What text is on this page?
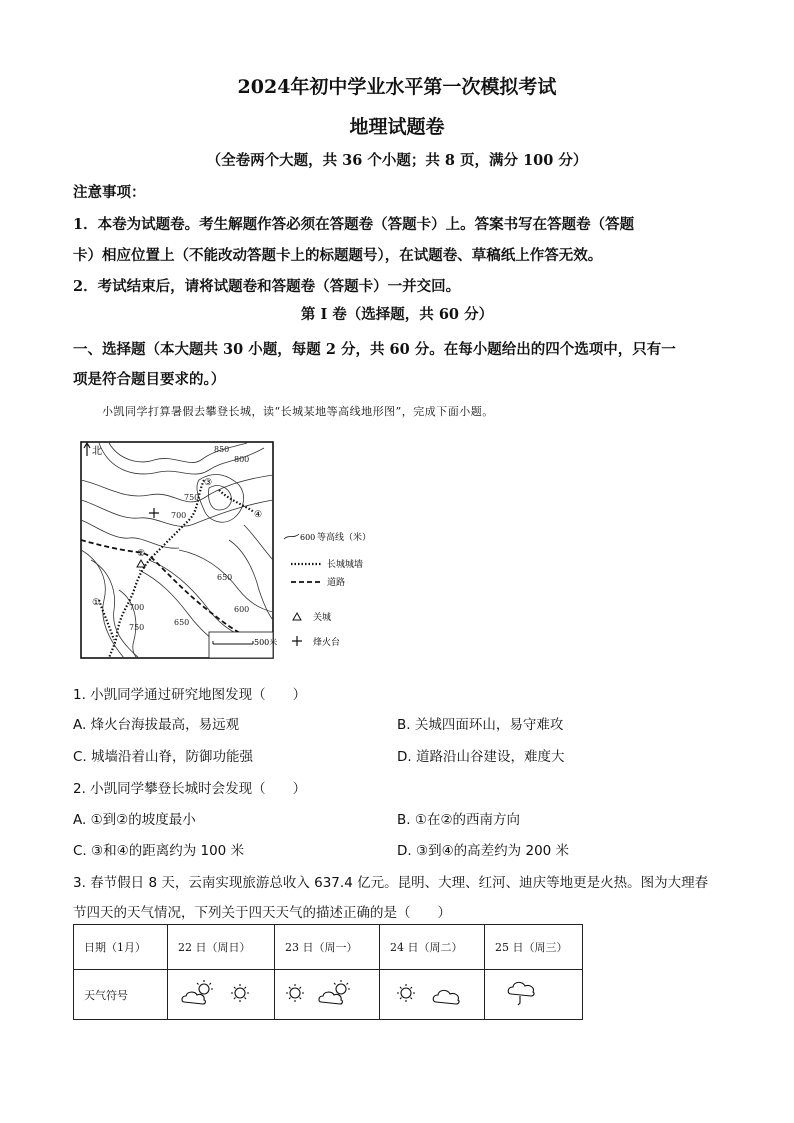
2024年初中学业水平第一次模拟考试
地理试题卷
（全卷两个大题，共 36 个小题；共 8 页，满分 100 分）
注意事项：
1．本卷为试题卷。考生解题作答必须在答题卷（答题卡）上。答案书写在答题卷（答题
卡）相应位置上（不能改动答题卡上的标题题号），在试题卷、草稿纸上作答无效。
2．考试结束后，请将试题卷和答题卷（答题卡）一并交回。
第 I 卷（选择题，共 60 分）
一、选择题（本大题共 30 小题，每题 2 分，共 60 分。在每小题给出的四个选项中，只有一
项是符合题目要求的。）
小凯同学打算暑假去攀登长城，读“长城某地等高线地形图”，完成下面小题。
北
②
①
③
④
850
800
750
700
650
600
750
700
650
500米
600 等高线（米）
长城城墙
道路
关城
烽火台
1. 小凯同学通过研究地图发现（　　）
A. 烽火台海拔最高，易远观	B. 关城四面环山，易守难攻
C. 城墙沿着山脊，防御功能强	D. 道路沿山谷建设，难度大
2. 小凯同学攀登长城时会发现（　　）
A. ①到②的坡度最小	B. ①在②的西南方向
C. ③和④的距离约为 100 米	D. ③到④的高差约为 200 米
3. 春节假日 8 天，云南实现旅游总收入 637.4 亿元。昆明、大理、红河、迪庆等地更是火热。图为大理春
节四天的天气情况，下列关于四天天气的描述正确的是（　　）
日期（1月）	22 日（周日）	23 日（周一）	24 日（周二）	25 日（周三）
天气符号				
